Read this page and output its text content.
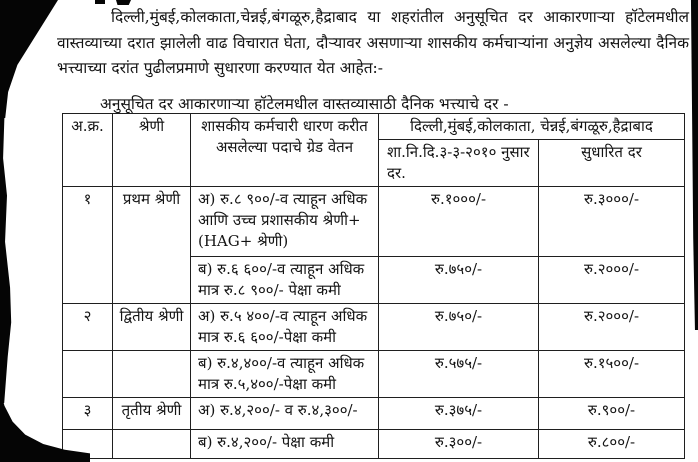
दिल्ली,मुंबई,कोलकाता,चेन्नई,बंगळूरु,हैद्राबाद या शहरांतील अनुसूचित दर आकारणाऱ्या हॉटेलमधील वास्तव्याच्या दरात झालेली वाढ विचारात घेता, दौऱ्यावर असणाऱ्या शासकीय कर्मचाऱ्यांना अनुज्ञेय असलेल्या दैनिक भत्त्याच्या दरांत पुढीलप्रमाणे सुधारणा करण्यात येत आहेत:-
अनुसूचित दर आकारणाऱ्या हॉटेलमधील वास्तव्यासाठी दैनिक भत्त्याचे दर -
अ.क्र.	श्रेणी	शासकीय कर्मचारी धारण करीत असलेल्या पदाचे ग्रेड वेतन	दिल्ली,मुंबई,कोलकाता, चेन्नई,बंगळूरु,हैद्राबाद	
			शा.नि.दि.३-३-२०१० नुसार दर.	सुधारित दर
१	प्रथम श्रेणी	अ) रु.८ ९००/-व त्याहून अधिक आणि उच्च प्रशासकीय श्रेणी+(HAG+ श्रेणी)	रु.१०००/-	रु.३०००/-
		ब) रु.६ ६००/-व त्याहून अधिक मात्र रु.८ ९००/- पेक्षा कमी	रु.७५०/-	रु.२०००/-
२	द्वितीय श्रेणी	अ) रु.५ ४००/-व त्याहून अधिक मात्र रु.६ ६००/-पेक्षा कमी	रु.७५०/-	रु.२०००/-
		ब) रु.४,४००/-व त्याहून अधिक मात्र रु.५,४००/-पेक्षा कमी	रु.५७५/-	रु.१५००/-
३	तृतीय श्रेणी	अ) रु.४,२००/- व रु.४,३००/-	रु.३७५/-	रु.९००/-
		ब) रु.४,२००/- पेक्षा कमी	रु.३००/-	रु.८००/-
